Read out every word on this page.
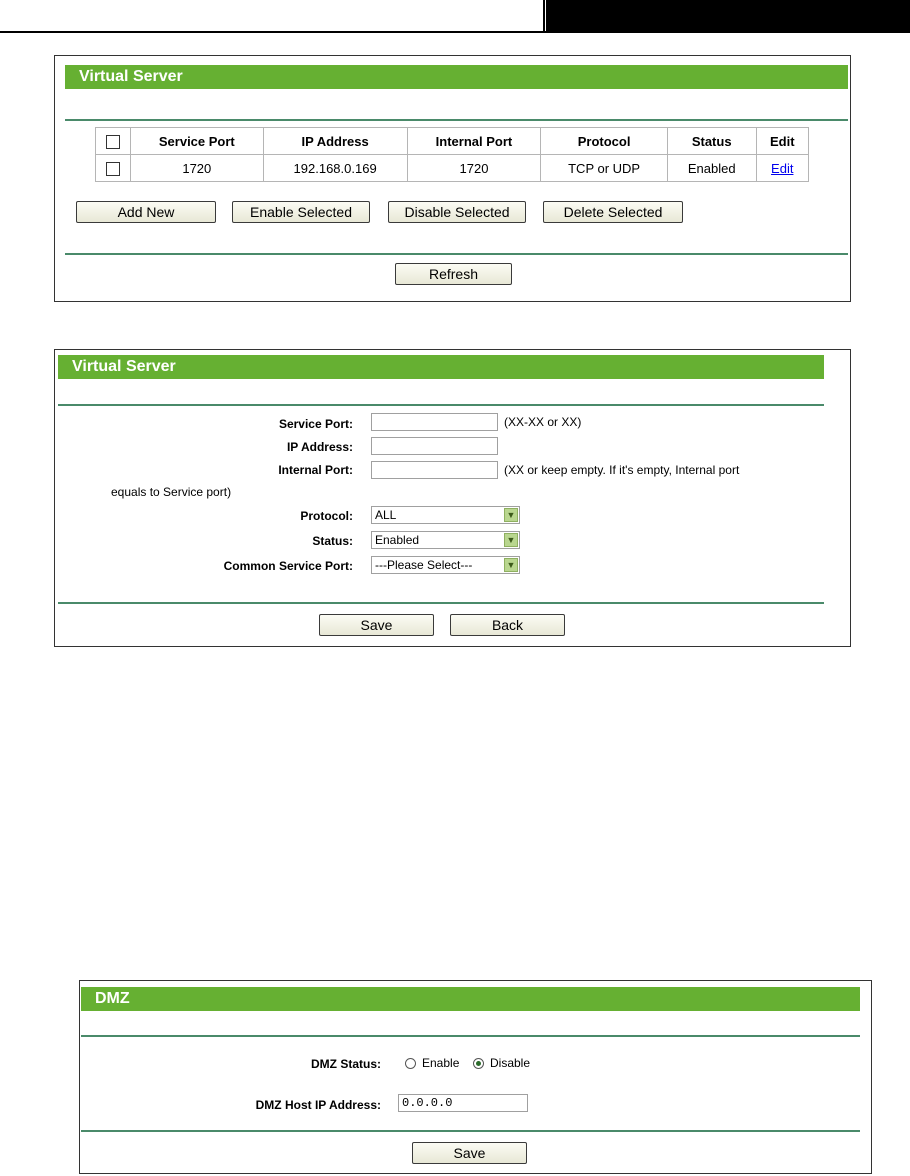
Virtual Server
	Service Port	IP Address	Internal Port	Protocol	Status	Edit
	1720	192.168.0.169	1720	TCP or UDP	Enabled	Edit
Add New	Enable Selected	Disable Selected	Delete Selected
Refresh
Virtual Server
Service Port:	(XX-XX or XX)
IP Address:
Internal Port:	(XX or keep empty. If it's empty, Internal port
equals to Service port)
Protocol:	ALL	▼
Status:	Enabled	▼
Common Service Port:	---Please Select---	▼
Save	Back
DMZ
DMZ Status:	Enable	Disable
DMZ Host IP Address:	0.0.0.0
Save
